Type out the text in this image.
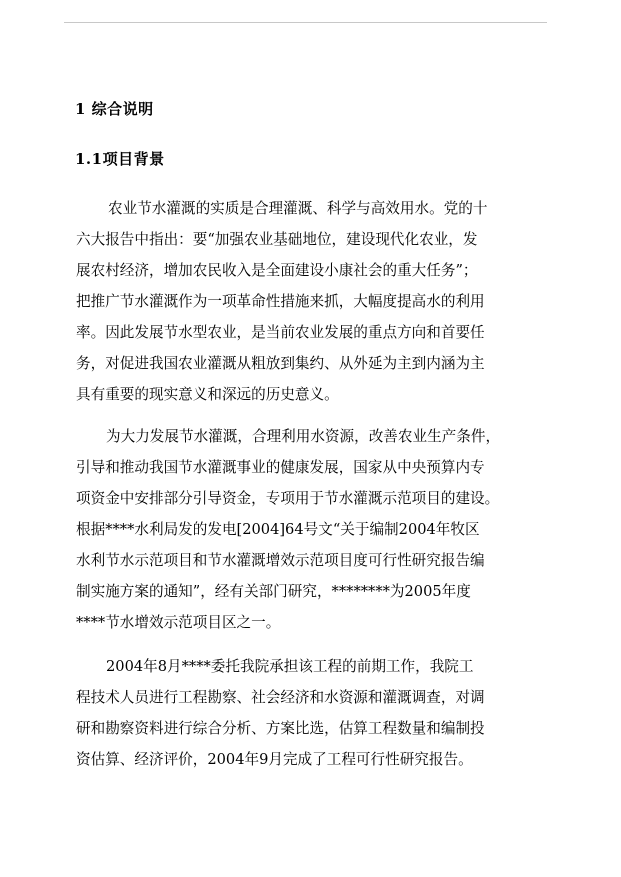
1 综合说明
1.1项目背景
农业节水灌溉的实质是合理灌溉、科学与高效用水。党的十
六大报告中指出：要“加强农业基础地位，建设现代化农业，发
展农村经济，增加农民收入是全面建设小康社会的重大任务”；
把推广节水灌溉作为一项革命性措施来抓，大幅度提高水的利用
率。因此发展节水型农业，是当前农业发展的重点方向和首要任
务，对促进我国农业灌溉从粗放到集约、从外延为主到内涵为主
具有重要的现实意义和深远的历史意义。
为大力发展节水灌溉，合理利用水资源，改善农业生产条件，
引导和推动我国节水灌溉事业的健康发展，国家从中央预算内专
项资金中安排部分引导资金，专项用于节水灌溉示范项目的建设。
根据****水利局发的发电[2004]64号文“关于编制2004年牧区
水利节水示范项目和节水灌溉增效示范项目度可行性研究报告编
制实施方案的通知”，经有关部门研究，********为2005年度
****节水增效示范项目区之一。
2004年8月****委托我院承担该工程的前期工作，我院工
程技术人员进行工程勘察、社会经济和水资源和灌溉调查，对调
研和勘察资料进行综合分析、方案比选，估算工程数量和编制投
资估算、经济评价，2004年9月完成了工程可行性研究报告。
